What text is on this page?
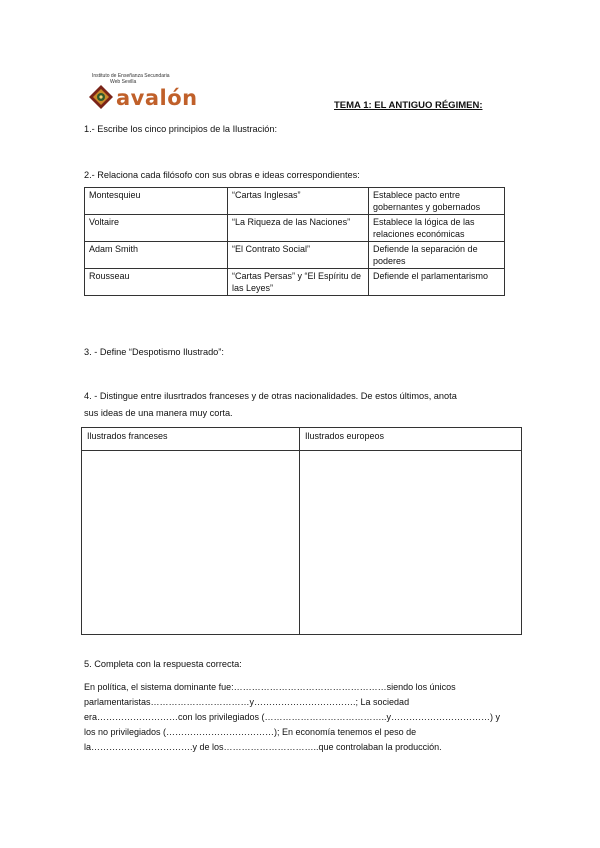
Instituto de Enseñanza Secundaria
Web Sevilla
avalón	TEMA 1: EL ANTIGUO RÉGIMEN:
1.- Escribe los cinco principios de la Ilustración:
2.- Relaciona cada filósofo con sus obras e ideas correspondientes:
Montesquieu	“Cartas Inglesas”	Establece pacto entre gobernantes y gobernados
Voltaire	“La Riqueza de las Naciones”	Establece la lógica de las relaciones económicas
Adam Smith	“El Contrato Social”	Defiende la separación de poderes
Rousseau	“Cartas Persas” y “El Espíritu de las Leyes”	Defiende el parlamentarismo
3. - Define “Despotismo Ilustrado”:
4. - Distingue entre ilusrtrados franceses y de otras nacionalidades. De estos últimos, anota
sus ideas de una manera muy corta.
Ilustrados franceses	Ilustrados europeos
5. Completa con la respuesta correcta:
En política, el sistema dominante fue:……………………………………………siendo los únicos
parlamentaristas……………………………y…………………………….; La sociedad
era………………………con los privilegiados (…………………………………..y……………………………) y
los no privilegiados (………………………………); En economía tenemos el peso de
la…………………………….y de los…………………………..que controlaban la producción.
